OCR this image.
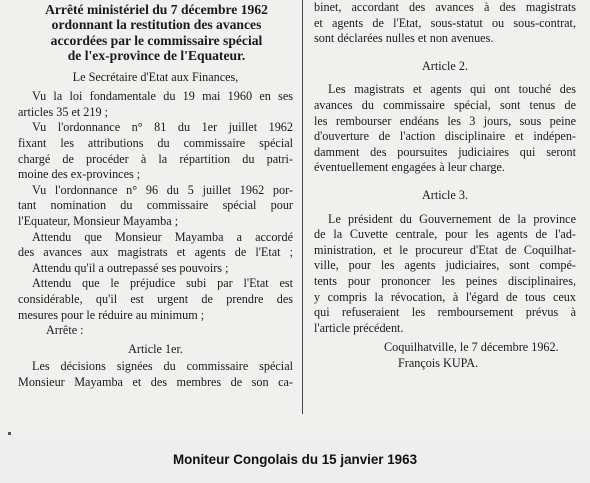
Arrêté ministériel du 7 décembre 1962
ordonnant la restitution des avances
accordées par le commissaire spécial
de l'ex-province de l'Equateur.
Le Secrétaire d'Etat aux Finances,
Vu la loi fondamentale du 19 mai 1960 en ses
articles 35 et 219 ;
Vu l'ordonnance n° 81 du 1er juillet 1962
fixant les attributions du commissaire spécial
chargé de procéder à la répartition du patri-
moine des ex-provinces ;
Vu l'ordonnance n° 96 du 5 juillet 1962 por-
tant nomination du commissaire spécial pour
l'Equateur, Monsieur Mayamba ;
Attendu que Monsieur Mayamba a accordé
des avances aux magistrats et agents de l'Etat ;
Attendu qu'il a outrepassé ses pouvoirs ;
Attendu que le préjudice subi par l'Etat est
considérable, qu'il est urgent de prendre des
mesures pour le réduire au minimum ;
Arrête :
Article 1er.
Les décisions signées du commissaire spécial
Monsieur Mayamba et des membres de son ca-
binet, accordant des avances à des magistrats
et agents de l'Etat, sous-statut ou sous-contrat,
sont déclarées nulles et non avenues.
Article 2.
Les magistrats et agents qui ont touché des
avances du commissaire spécial, sont tenus de
les rembourser endéans les 3 jours, sous peine
d'ouverture de l'action disciplinaire et indépen-
damment des poursuites judiciaires qui seront
éventuellement engagées à leur charge.
Article 3.
Le président du Gouvernement de la province
de la Cuvette centrale, pour les agents de l'ad-
ministration, et le procureur d'Etat de Coquilhat-
ville, pour les agents judiciaires, sont compé-
tents pour prononcer les peines disciplinaires,
y compris la révocation, à l'égard de tous ceux
qui refuseraient les remboursement prévus à
l'article précédent.
Coquilhatville, le 7 décembre 1962.
François KUPA.
Moniteur Congolais du 15 janvier 1963
